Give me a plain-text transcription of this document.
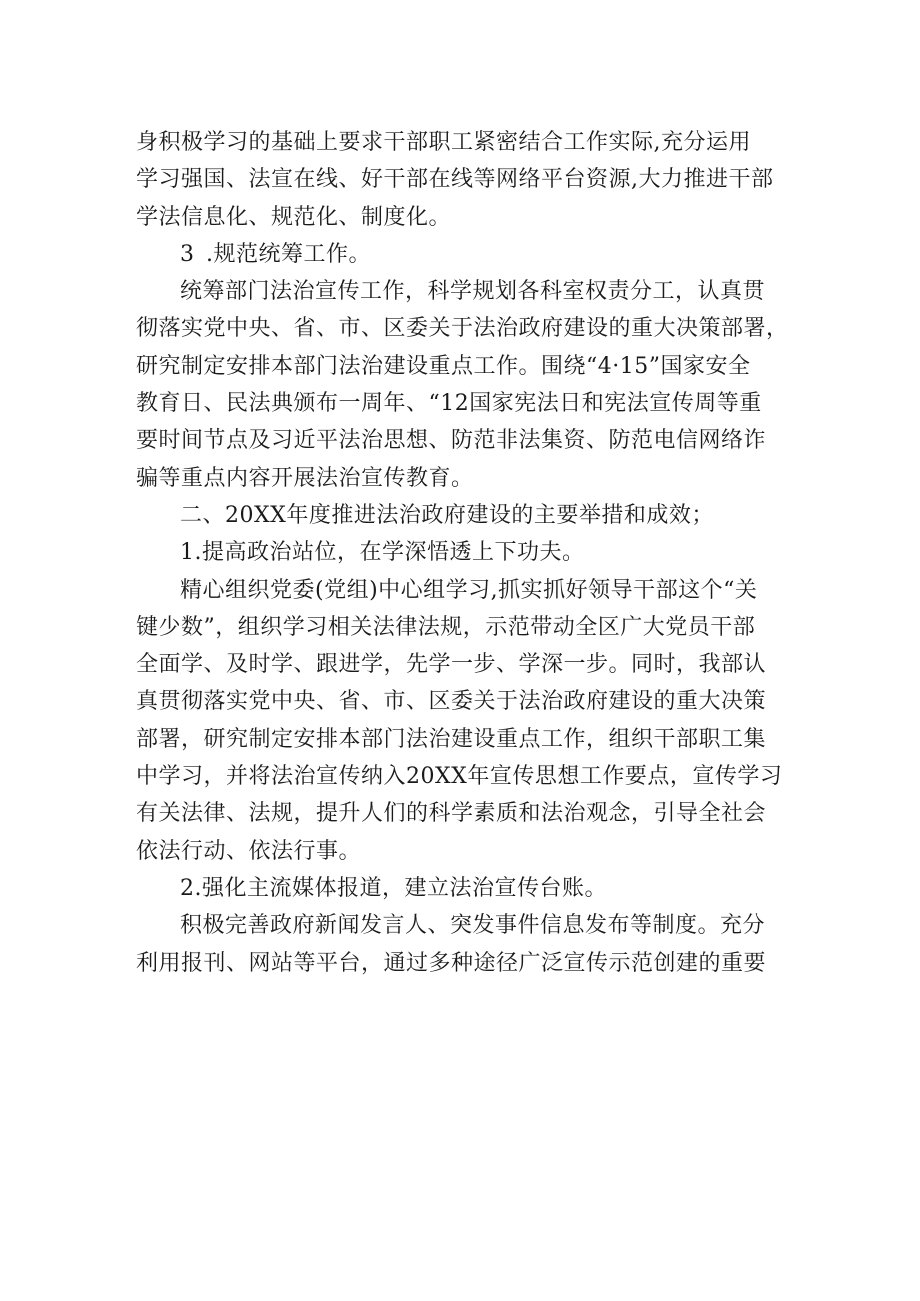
身积极学习的基础上要求干部职工紧密结合工作实际,充分运用
学习强国、法宣在线、好干部在线等网络平台资源,大力推进干部
学法信息化、规范化、制度化。
3 .规范统筹工作。
统筹部门法治宣传工作，科学规划各科室权责分工，认真贯
彻落实党中央、省、市、区委关于法治政府建设的重大决策部署，
研究制定安排本部门法治建设重点工作。围绕“4·15”国家安全
教育日、民法典颁布一周年、“12国家宪法日和宪法宣传周等重
要时间节点及习近平法治思想、防范非法集资、防范电信网络诈
骗等重点内容开展法治宣传教育。
二、20XX年度推进法治政府建设的主要举措和成效；
1.提高政治站位，在学深悟透上下功夫。
精心组织党委(党组)中心组学习,抓实抓好领导干部这个“关
键少数”，组织学习相关法律法规，示范带动全区广大党员干部
全面学、及时学、跟进学，先学一步、学深一步。同时，我部认
真贯彻落实党中央、省、市、区委关于法治政府建设的重大决策
部署，研究制定安排本部门法治建设重点工作，组织干部职工集
中学习，并将法治宣传纳入20XX年宣传思想工作要点，宣传学习
有关法律、法规，提升人们的科学素质和法治观念，引导全社会
依法行动、依法行事。
2.强化主流媒体报道，建立法治宣传台账。
积极完善政府新闻发言人、突发事件信息发布等制度。充分
利用报刊、网站等平台，通过多种途径广泛宣传示范创建的重要
